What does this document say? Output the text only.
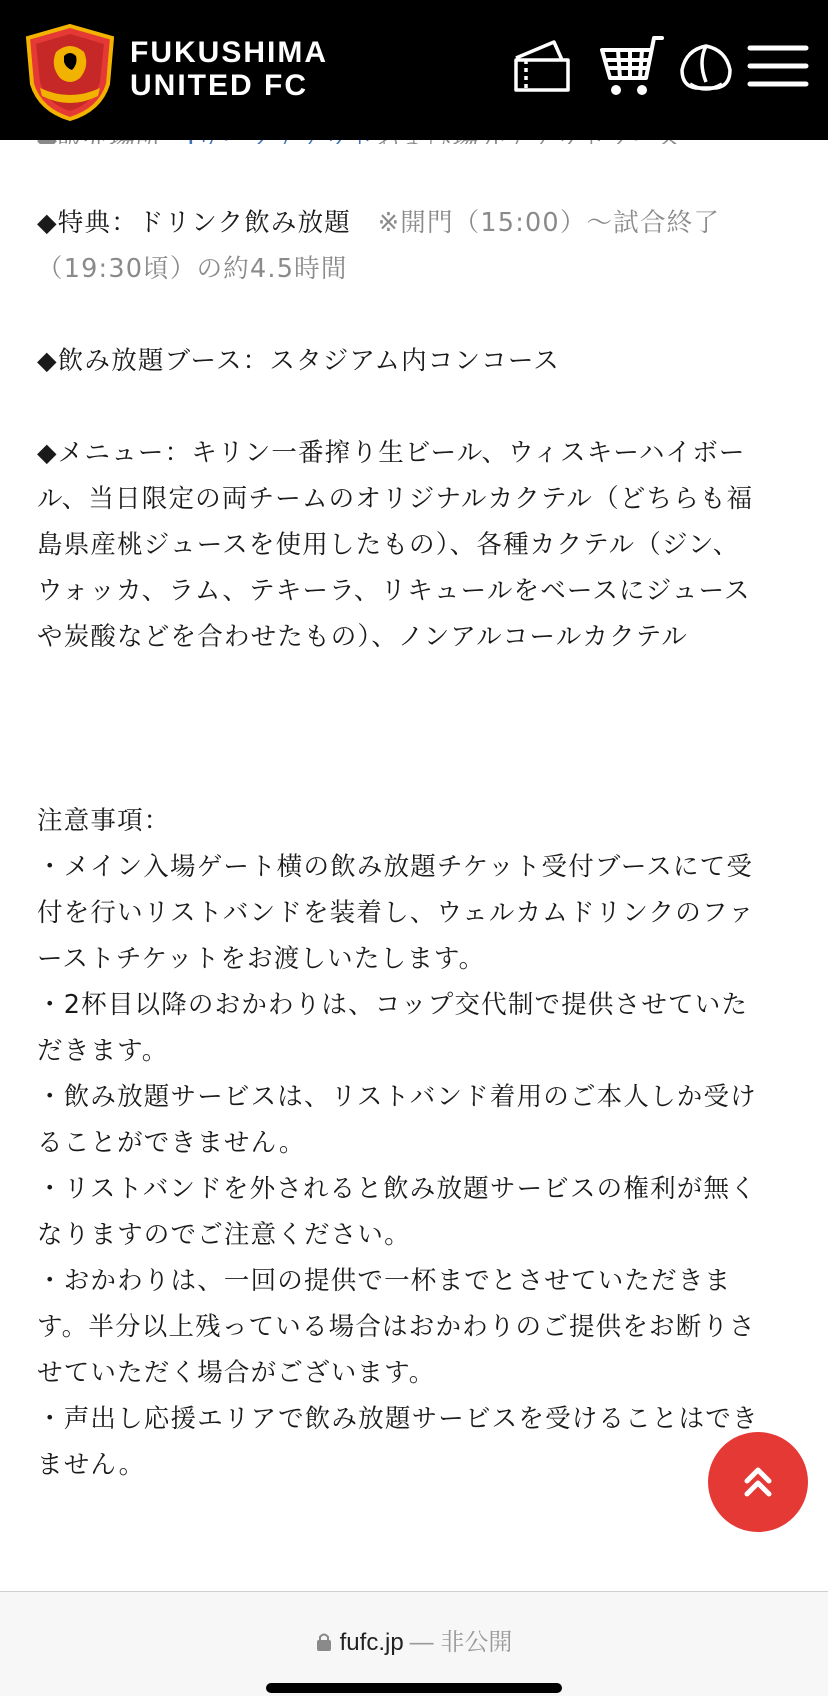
FUKUSHIMA
UNITED FC
◆特典：ドリンク飲み放題　※開門（15:00）〜試合終了
（19:30頃）の約4.5時間
◆飲み放題ブース：スタジアム内コンコース
◆メニュー：キリン一番搾り生ビール、ウィスキーハイボー
ル、当日限定の両チームのオリジナルカクテル（どちらも福
島県産桃ジュースを使用したもの）、各種カクテル（ジン、
ウォッカ、ラム、テキーラ、リキュールをベースにジュース
や炭酸などを合わせたもの）、ノンアルコールカクテル
注意事項：
・メイン入場ゲート横の飲み放題チケット受付ブースにて受
付を行いリストバンドを装着し、ウェルカムドリンクのファ
ーストチケットをお渡しいたします。
・2杯目以降のおかわりは、コップ交代制で提供させていた
だきます。
・飲み放題サービスは、リストバンド着用のご本人しか受け
ることができません。
・リストバンドを外されると飲み放題サービスの権利が無く
なりますのでご注意ください。
・おかわりは、一回の提供で一杯までとさせていただきま
す。半分以上残っている場合はおかわりのご提供をお断りさ
せていただく場合がございます。
・声出し応援エリアで飲み放題サービスを受けることはでき
ません。
fufc.jp — 非公開
